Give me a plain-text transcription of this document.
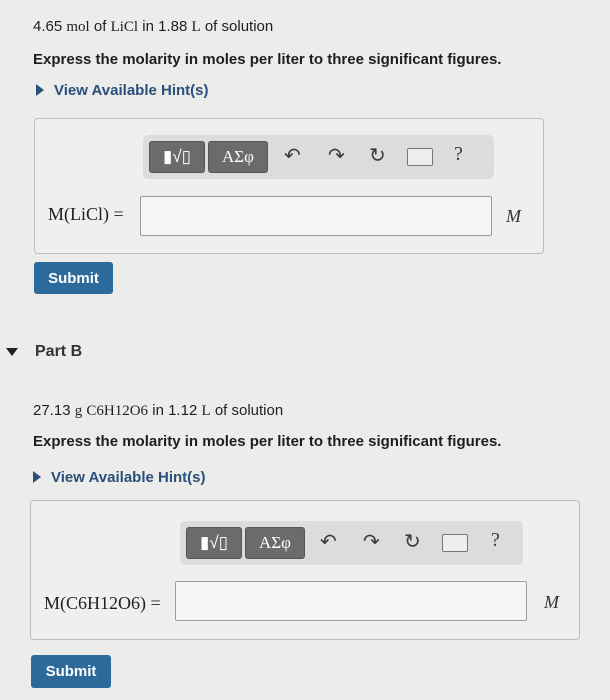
4.65 mol of LiCl in 1.88 L of solution
Express the molarity in moles per liter to three significant figures.
View Available Hint(s)
▮√▯ ΑΣφ ↶ ↷ ↻	?
M(LiCl) =	M
Submit
Part B
27.13 g C6H12O6 in 1.12 L of solution
Express the molarity in moles per liter to three significant figures.
View Available Hint(s)
▮√▯ ΑΣφ ↶ ↷ ↻	?
M(C6H12O6) =	M
Submit
